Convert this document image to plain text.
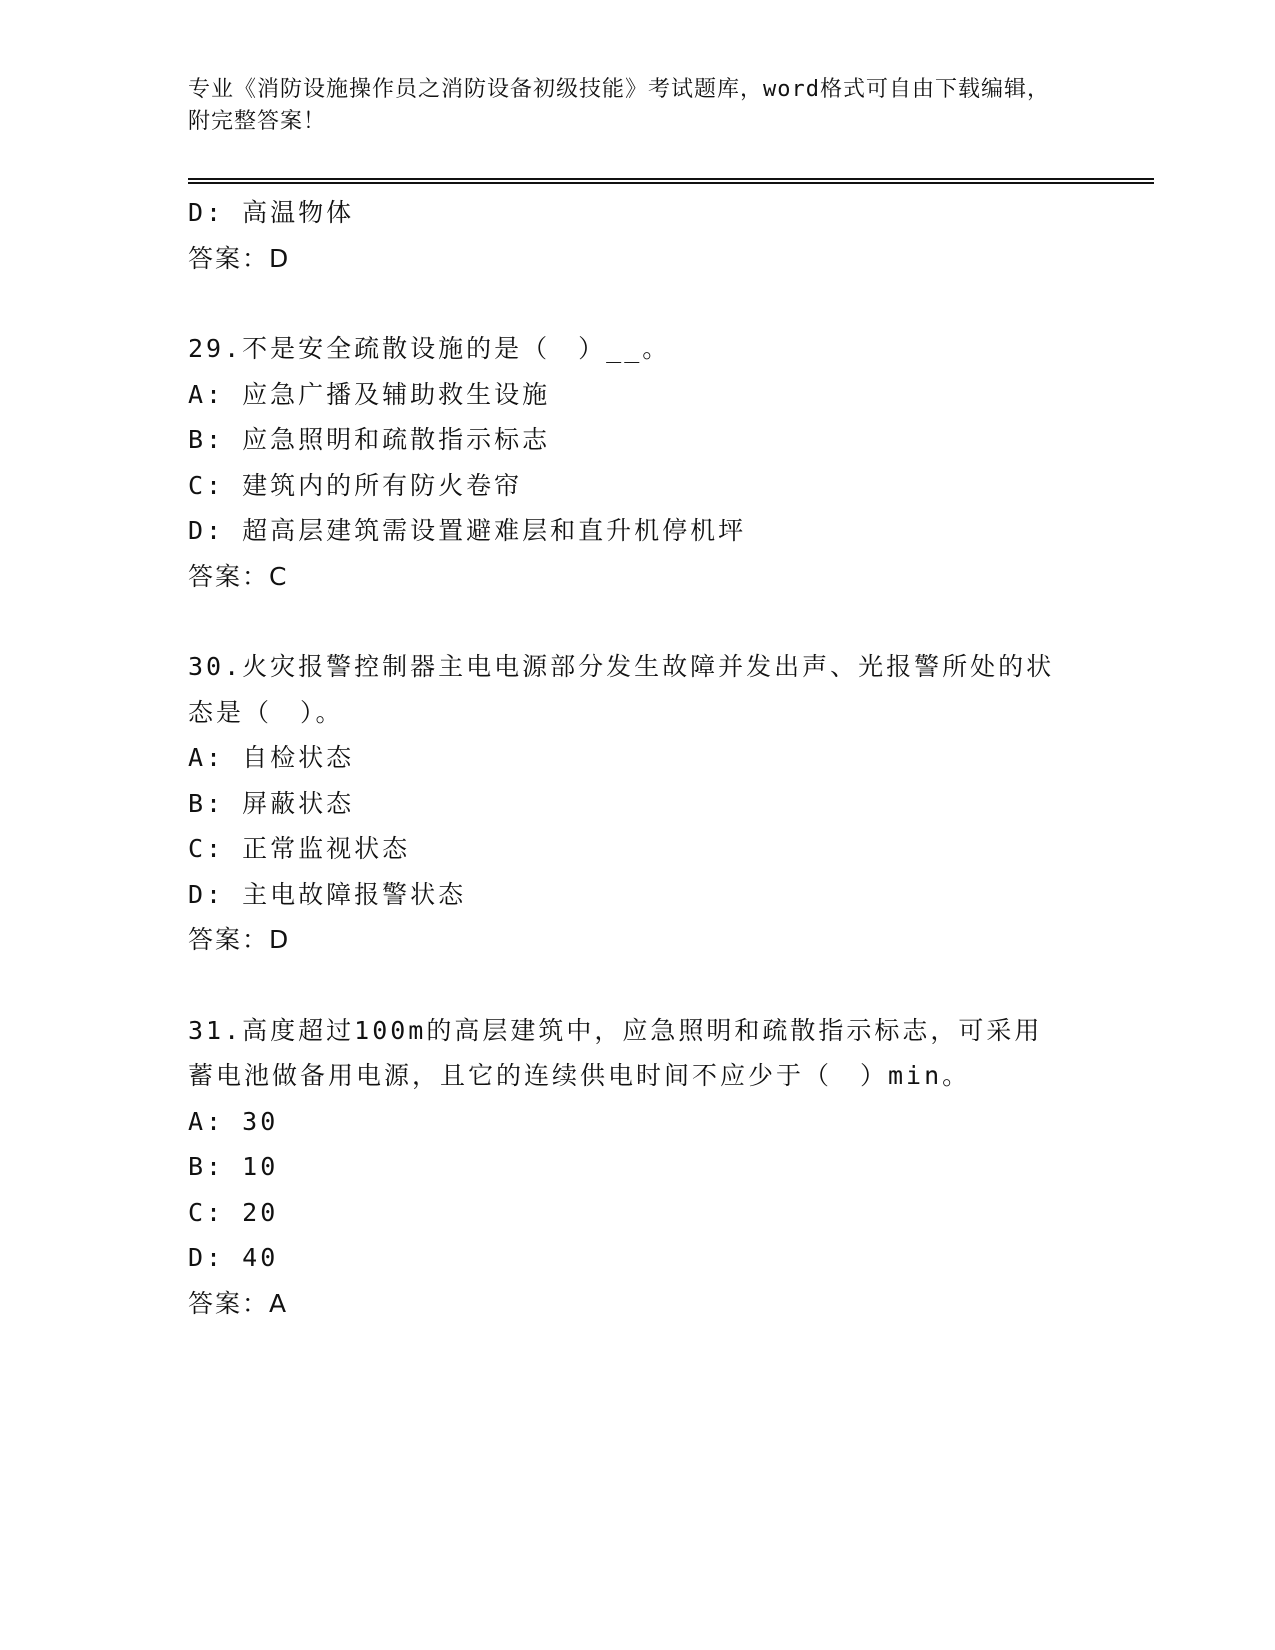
专业《消防设施操作员之消防设备初级技能》考试题库，word格式可自由下载编辑，附完整答案！
D: 高温物体
答案：D
29.不是安全疏散设施的是（　）__。
A: 应急广播及辅助救生设施
B: 应急照明和疏散指示标志
C: 建筑内的所有防火卷帘
D: 超高层建筑需设置避难层和直升机停机坪
答案：C
30.火灾报警控制器主电电源部分发生故障并发出声、光报警所处的状态是（　）。
A: 自检状态
B: 屏蔽状态
C: 正常监视状态
D: 主电故障报警状态
答案：D
31.高度超过100m的高层建筑中，应急照明和疏散指示标志，可采用蓄电池做备用电源，且它的连续供电时间不应少于（　）min。
A: 30
B: 10
C: 20
D: 40
答案：A
